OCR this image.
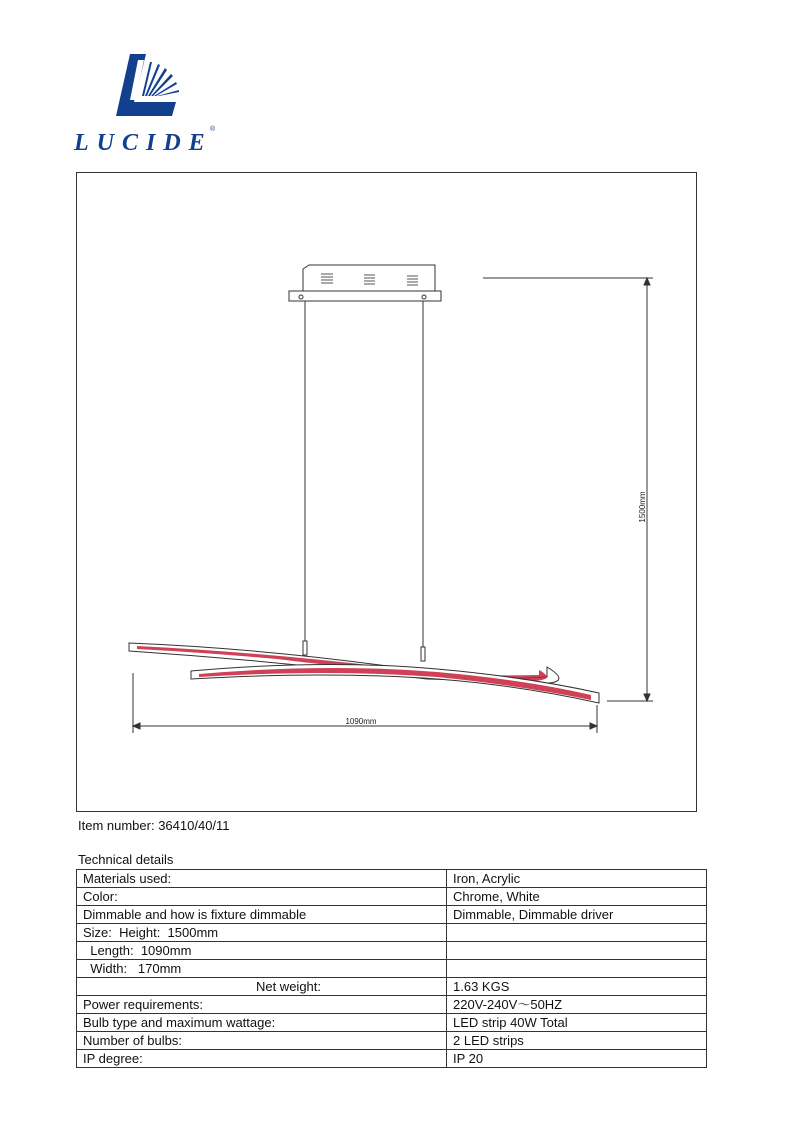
LUCIDE
®
1500mm
1090mm
Item number: 36410/40/11
Technical details
Materials used:	Iron, Acrylic
Color:	Chrome, White
Dimmable and how is fixture dimmable	Dimmable, Dimmable driver
Size:  Height:  1500mm	
Length:  1090mm	
Width:   170mm	
Net weight:	1.63 KGS
Power requirements:	220V-240V～50HZ
Bulb type and maximum wattage:	LED strip 40W Total
Number of bulbs:	2 LED strips
IP degree:	IP 20
